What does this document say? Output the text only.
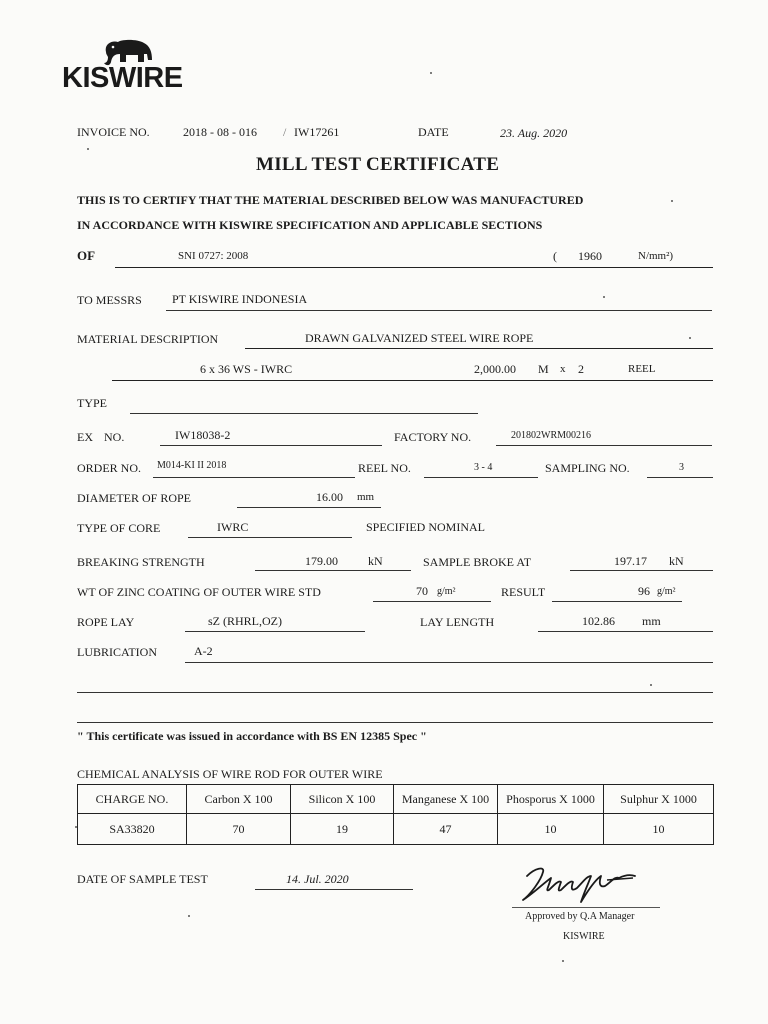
KISWIRE
INVOICE NO.	2018 - 08 - 016 / IW17261	DATE	23. Aug. 2020
MILL TEST CERTIFICATE
THIS IS TO CERTIFY THAT THE MATERIAL DESCRIBED BELOW WAS MANUFACTURED
IN ACCORDANCE WITH KISWIRE SPECIFICATION AND APPLICABLE SECTIONS
OF	SNI 0727: 2008	( 1960	N/mm²)
TO MESSRS	PT KISWIRE INDONESIA
MATERIAL DESCRIPTION	DRAWN GALVANIZED STEEL WIRE ROPE
6 x 36 WS - IWRC	2,000.00 M x 2	REEL
TYPE
EX NO.	IW18038-2	FACTORY NO.	201802WRM00216
ORDER NO. M014-KI II 2018	REEL NO.	3 - 4	SAMPLING NO.	3
DIAMETER OF ROPE	16.00 mm
TYPE OF CORE	IWRC	SPECIFIED NOMINAL
BREAKING STRENGTH	179.00	kN	SAMPLE BROKE AT	197.17 kN
WT OF ZINC COATING OF OUTER WIRE STD	70 g/m²	RESULT	96 g/m²
ROPE LAY	sZ (RHRL,OZ)	LAY LENGTH	102.86 mm
LUBRICATION	A-2
" This certificate was issued in accordance with BS EN 12385 Spec "
CHEMICAL ANALYSIS OF WIRE ROD FOR OUTER WIRE
CHARGE NO.	Carbon X 100	Silicon X 100	Manganese X 100	Phosporus X 1000	Sulphur X 1000
SA33820	70	19	47	10	10
DATE OF SAMPLE TEST	14. Jul. 2020
Approved by Q.A Manager
KISWIRE
